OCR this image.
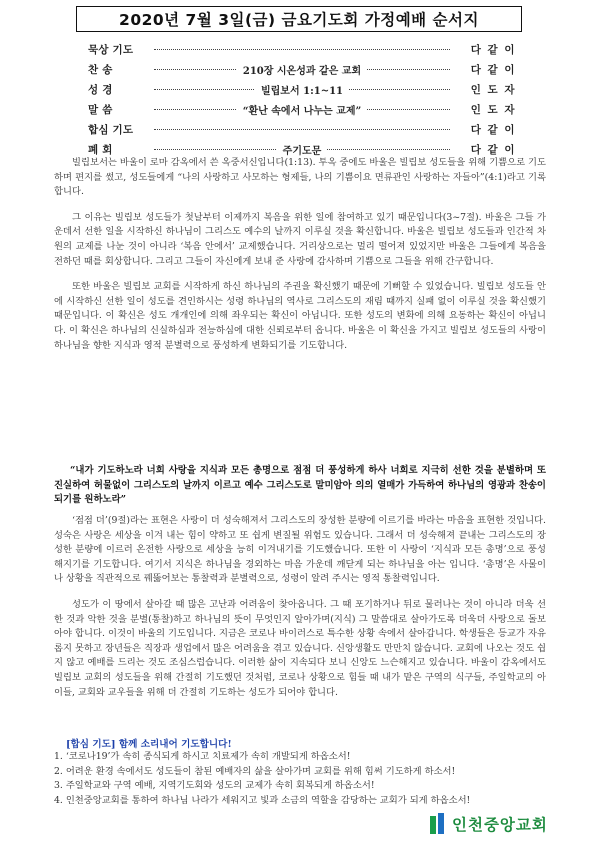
2020년 7월 3일(금) 금요기도회 가정예배 순서지
묵상 기도	다 같 이
찬 송	210장 시온성과 같은 교회	다 같 이
성 경	빌립보서 1:1~11	인 도 자
말 씀	“환난 속에서 나누는 교제”	인 도 자
합심 기도	다 같 이
폐 회	주기도문	다 같 이

빌립보서는 바울이 로마 감옥에서 쓴 옥중서신입니다(1:13). 투옥 중에도 바울은 빌립보 성도들을 위해 기쁨으로 기도하며 편지를 썼고, 성도들에게 “나의 사랑하고 사모하는 형제들, 나의 기쁨이요 면류관인 사랑하는 자들아”(4:1)라고 기록합니다.

그 이유는 빌립보 성도들가 첫날부터 이제까지 복음을 위한 일에 참여하고 있기 때문입니다(3~7절). 바울은 그들 가운데서 선한 일을 시작하신 하나님이 그리스도 예수의 날까지 이루실 것을 확신합니다. 바울은 빌립보 성도들과 인간적 차원의 교제를 나눈 것이 아니라 ‘복음 안에서’ 교제했습니다. 거리상으로는 멀리 떨어져 있었지만 바울은 그들에게 복음을 전하던 때를 회상합니다. 그리고 그들이 자신에게 보내 준 사랑에 감사하며 기쁨으로 그들을 위해 간구합니다.

또한 바울은 빌립보 교회를 시작하게 하신 하나님의 주권을 확신했기 때문에 기뻐할 수 있었습니다. 빌립보 성도들 안에 시작하신 선한 일이 성도를 견인하시는 성령 하나님의 역사로 그리스도의 재림 때까지 실패 없이 이루실 것을 확신했기 때문입니다. 이 확신은 성도 개개인에 의해 좌우되는 확신이 아닙니다. 또한 성도의 변화에 의해 요동하는 확신이 아닙니다. 이 확신은 하나님의 신실하심과 전능하심에 대한 신뢰로부터 옵니다. 바울은 이 확신을 가지고 빌립보 성도들의 사랑이 하나님을 향한 지식과 영적 분별력으로 풍성하게 변화되기를 기도합니다.

“내가 기도하노라 너희 사랑을 지식과 모든 총명으로 점점 더 풍성하게 하사 너희로 지극히 선한 것을 분별하며 또 진실하여 허물없이 그리스도의 날까지 이르고 예수 그리스도로 말미암아 의의 열매가 가득하여 하나님의 영광과 찬송이 되기를 원하노라”

‘점점 더’(9절)라는 표현은 사랑이 더 성숙해져서 그리스도의 장성한 분량에 이르기를 바라는 마음을 표현한 것입니다. 성숙은 사랑은 세상을 이겨 내는 힘이 약하고 또 쉽게 변질될 위험도 있습니다. 그래서 더 성숙해져 끝내는 그리스도의 장성한 분량에 이르러 온전한 사랑으로 세상을 능히 이겨내기를 기도했습니다. 또한 이 사랑이 ‘지식과 모든 총명’으로 풍성해지기를 기도합니다. 여기서 지식은 하나님을 경외하는 마음 가운데 깨닫게 되는 하나님을 아는 입니다. ‘총명’은 사물이나 상황을 직관적으로 꿰뚫어보는 통찰력과 분별력으로, 성령이 알려 주시는 영적 통찰력입니다.

성도가 이 땅에서 살아갈 때 많은 고난과 어려움이 찾아옵니다. 그 때 포기하거나 뒤로 물러나는 것이 아니라 더욱 선한 것과 악한 것을 분별(통찰)하고 하나님의 뜻이 무엇인지 알아가며(지식) 그 말씀대로 살아가도록 더욱더 사랑으로 돌보아야 합니다. 이것이 바울의 기도입니다. 지금은 코로나 바이러스로 특수한 상황 속에서 살아갑니다. 학생들은 등교가 자유롭지 못하고 장년들은 직장과 생업에서 많은 어려움을 겪고 있습니다. 신앙생활도 만만치 않습니다. 교회에 나오는 것도 쉽지 않고 예배를 드리는 것도 조심스럽습니다. 이러한 삶이 지속되다 보니 신앙도 느슨해지고 있습니다. 바울이 감옥에서도 빌립보 교회의 성도들을 위해 간절히 기도했던 것처럼, 코로나 상황으로 힘들 때 내가 맡은 구역의 식구들, 주일학교의 아이들, 교회와 교우들을 위해 더 간절히 기도하는 성도가 되어야 합니다.

[합심 기도] 함께 소리내어 기도합니다!
1. ‘코로나19’가 속히 종식되게 하시고 치료제가 속히 개발되게 하옵소서!
2. 어려운 환경 속에서도 성도들이 참된 예배자의 삶을 살아가며 교회를 위해 힘써 기도하게 하소서!
3. 주일학교와 구역 예배, 지역기도회와 성도의 교제가 속히 회복되게 하옵소서!
4. 인천중앙교회를 통하여 하나님 나라가 세워지고 빛과 소금의 역할을 감당하는 교회가 되게 하옵소서!
인천중앙교회
